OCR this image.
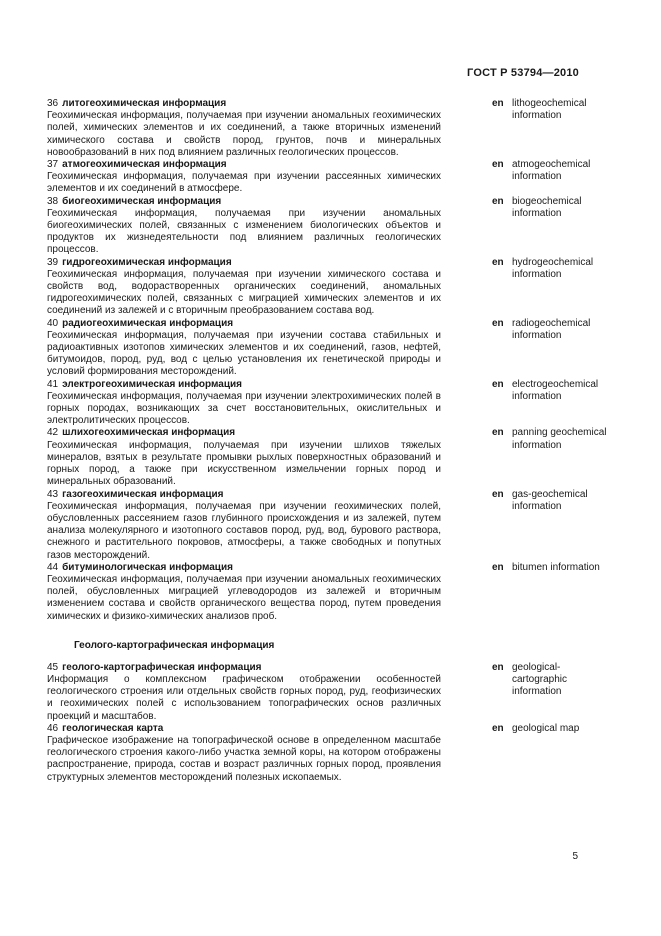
ГОСТ Р 53794—2010
36 литогеохимическая информация
Геохимическая информация, получаемая при изучении аномальных геохимических полей, химических элементов и их соединений, а также вторичных изменений химического состава и свойств пород, грунтов, почв и минеральных новообразований в них под влиянием различных геологических процессов.
en lithogeochemical information
37 атмогеохимическая информация
Геохимическая информация, получаемая при изучении рассеянных химических элементов и их соединений в атмосфере.
en atmogeochemical information
38 биогеохимическая информация
Геохимическая информация, получаемая при изучении аномальных биогеохимических полей, связанных с изменением биологических объектов и продуктов их жизнедеятельности под влиянием различных геологических процессов.
en biogeochemical information
39 гидрогеохимическая информация
Геохимическая информация, получаемая при изучении химического состава и свойств вод, водорастворенных органических соединений, аномальных гидрогеохимических полей, связанных с миграцией химических элементов и их соединений из залежей и с вторичным преобразованием состава вод.
en hydrogeochemical information
40 радиогеохимическая информация
Геохимическая информация, получаемая при изучении состава стабильных и радиоактивных изотопов химических элементов и их соединений, газов, нефтей, битумоидов, пород, руд, вод с целью установления их генетической природы и условий формирования месторождений.
en radiogeochemical information
41 электрогеохимическая информация
Геохимическая информация, получаемая при изучении электрохимических полей в горных породах, возникающих за счет восстановительных, окислительных и электролитических процессов.
en electrogeochemical information
42 шлихогеохимическая информация
Геохимическая информация, получаемая при изучении шлихов тяжелых минералов, взятых в результате промывки рыхлых поверхностных образований и горных пород, а также при искусственном измельчении горных пород и минеральных образований.
en panning geochemical information
43 газогеохимическая информация
Геохимическая информация, получаемая при изучении геохимических полей, обусловленных рассеянием газов глубинного происхождения и из залежей, путем анализа молекулярного и изотопного составов пород, руд, вод, бурового раствора, снежного и растительного покровов, атмосферы, а также свободных и попутных газов месторождений.
en gas-geochemical information
44 битуминологическая информация
Геохимическая информация, получаемая при изучении аномальных геохимических полей, обусловленных миграцией углеводородов из залежей и вторичным изменением состава и свойств органического вещества пород, путем проведения химических и физико-химических анализов проб.
en bitumen information
Геолого-картографическая информация
45 геолого-картографическая информация
Информация о комплексном графическом отображении особенностей геологического строения или отдельных свойств горных пород, руд, геофизических и геохимических полей с использованием топографических основ различных проекций и масштабов.
en geological-cartographic information
46 геологическая карта
Графическое изображение на топографической основе в определенном масштабе геологического строения какого-либо участка земной коры, на котором отображены распространение, природа, состав и возраст различных горных пород, проявления структурных элементов месторождений полезных ископаемых.
en geological map
5
